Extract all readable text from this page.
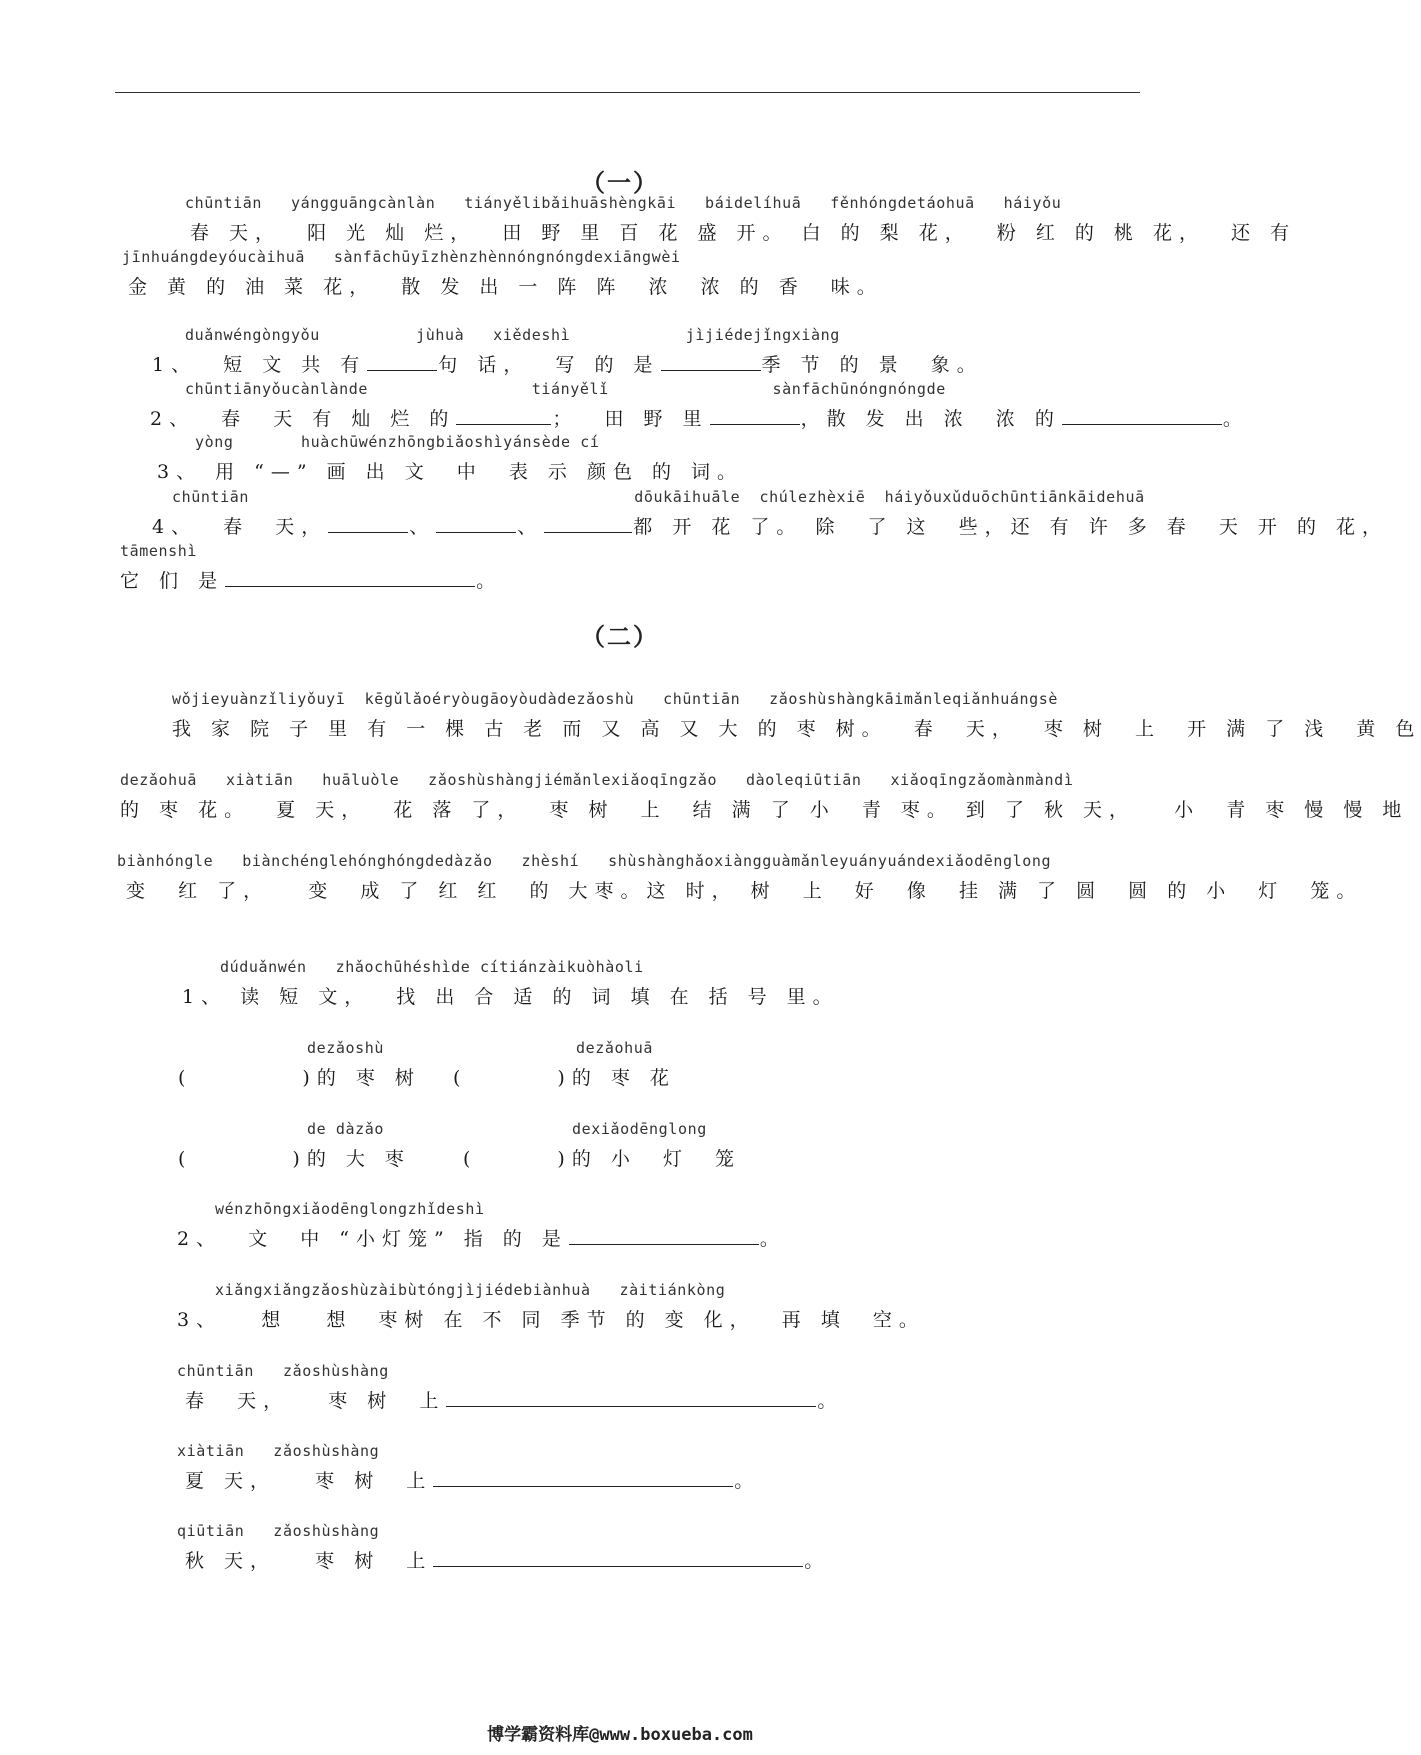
（一）
chūntiān   yángguāngcànlàn   tiányělibǎihuāshèngkāi   báidelíhuā   fěnhóngdetáohuā   háiyǒu
春 天，  阳 光 灿 烂，  田 野 里 百 花 盛 开。 白 的 梨 花，  粉 红 的 桃 花，  还 有
jīnhuángdeyóucàihuā   sànfāchūyīzhènzhènnóngnóngdexiāngwèi
金 黄 的 油 菜 花，  散 发 出 一 阵 阵  浓  浓 的 香  味。
duǎnwéngòngyǒu          jùhuà   xiědeshì            jìjiédejǐngxiàng
1、  短 文 共 有	句 话，  写 的 是	季 节 的 景  象。
chūntiānyǒucànlànde                 tiányělǐ                 sànfāchūnóngnóngde
2、  春  天 有 灿 烂 的	；  田 野 里	，散 发 出 浓  浓 的	。
yòng       huàchūwénzhōngbiǎoshìyánsède cí
3、 用 “—” 画 出 文  中  表 示 颜色 的 词。
chūntiān                                        dōukāihuāle  chúlezhèxiē  háiyǒuxǔduōchūntiānkāidehuā
4、  春  天，	、	、	都 开 花 了。 除  了 这  些，还 有 许 多 春  天 开 的 花，
tāmenshì
它 们 是	。
（二）
wǒjieyuànzǐliyǒuyī  kēgǔlǎoéryòugāoyòudàdezǎoshù   chūntiān   zǎoshùshàngkāimǎnleqiǎnhuángsè
我 家 院 子 里 有 一 棵 古 老 而 又 高 又 大 的 枣 树。  春  天，  枣 树  上  开 满 了 浅  黄 色
dezǎohuā   xiàtiān   huāluòle   zǎoshùshàngjiémǎnlexiǎoqīngzǎo   dàoleqiūtiān   xiǎoqīngzǎomànmàndì
的 枣 花。  夏 天，  花 落 了，  枣 树  上  结 满 了 小  青 枣。 到 了 秋 天，   小  青 枣 慢 慢 地
biànhóngle   biànchénglehónghóngdedàzǎo   zhèshí   shùshànghǎoxiàngguàmǎnleyuányuándexiǎodēnglong
变  红 了，   变  成 了 红 红  的 大枣。这 时， 树  上  好  像  挂 满 了 圆  圆 的 小  灯  笼。
dúduǎnwén   zhǎochūhéshìde cítiánzàikuòhàoli
1、 读 短 文，  找 出 合 适 的 词 填 在 括 号 里。
dezǎoshù
(	)的 枣 树
dezǎohuā
(	)的 枣 花
de dàzǎo
(	)的 大 枣
dexiǎodēnglong
(	)的 小  灯  笼
wénzhōngxiǎodēnglongzhǐdeshì
2、  文  中 “小灯笼” 指 的 是	。
xiǎngxiǎngzǎoshùzàibùtóngjìjiédebiànhuà   zàitiánkòng
3、   想   想  枣树 在 不 同 季节 的 变 化，  再 填  空。
chūntiān   zǎoshùshàng
春  天，   枣 树  上	。
xiàtiān   zǎoshùshàng
夏 天，   枣 树  上	。
qiūtiān   zǎoshùshàng
秋 天，   枣 树  上	。
博学霸资料库@www.boxueba.com
